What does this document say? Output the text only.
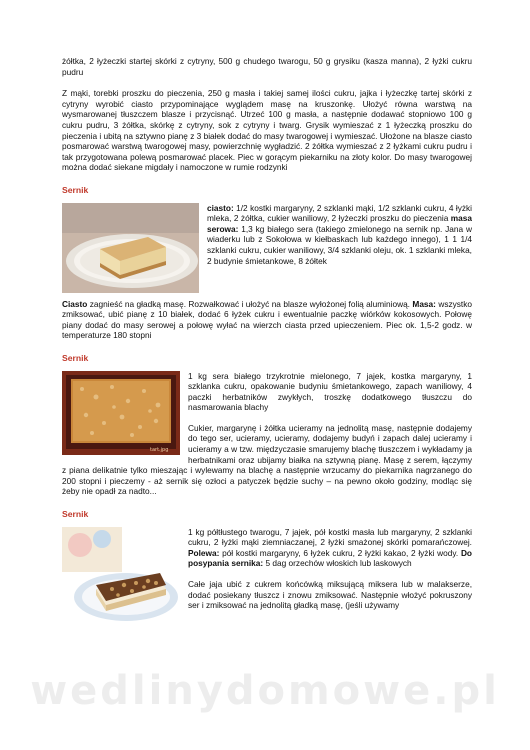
żółtka, 2 łyżeczki startej skórki z cytryny, 500 g chudego twarogu, 50 g grysiku (kasza manna), 2 łyżki cukru pudru

Z mąki, torebki proszku do pieczenia, 250 g masła i takiej samej ilości cukru, jajka i łyżeczkę tartej skórki z cytryny wyrobić ciasto przypominające wyglądem masę na kruszonkę. Ułożyć równa warstwą na wysmarowanej tłuszczem blasze i przycisnąć. Utrzeć 100 g masła, a następnie dodawać stopniowo 100 g cukru pudru, 3 żółtka, skórkę z cytryny, sok z cytryny i twarg. Grysik wymieszać z 1 łyżeczką proszku do pieczenia i ubitą na sztywno pianę z 3 białek dodać do masy twarogowej i wymieszać. Ułożone na blasze ciasto posmarować warstwą twarogowej masy, powierzchnię wygładzić. 2 żółtka wymieszać z 2 łyżkami cukru pudru i tak przygotowana polewą posmarować placek. Piec w gorącym piekarniku na złoty kolor. Do masy twarogowej można dodać siekane migdały i namoczone w rumie rodzynki

Sernik

ciasto: 1/2 kostki margaryny, 2 szklanki mąki, 1/2 szklanki cukru, 4 łyżki mleka, 2 żółtka, cukier waniliowy, 2 łyżeczki proszku do pieczenia masa serowa: 1,3 kg białego sera (takiego zmielonego na sernik np. Jana w wiaderku lub z Sokołowa w kiełbaskach lub każdego innego), 1 1 1/4 szklanki cukru, cukier waniliowy, 3/4 szklanki oleju, ok. 1 szklanki mleka, 2 budynie śmietankowe, 8 żółtek

Ciasto zagnieść na gładką masę. Rozwałkować i ułożyć na blasze wyłożonej folią aluminiową. Masa: wszystko zmiksować, ubić pianę z 10 białek, dodać 6 łyżek cukru i ewentualnie paczkę wiórków kokosowych. Połowę piany dodać do masy serowej a połowę wyłać na wierzch ciasta przed upieczeniem. Piec ok. 1,5-2 godz. w temperaturze 180 stopni

Sernik
tart.jpg

1 kg sera białego trzykrotnie mielonego, 7 jajek, kostka margaryny, 1 szklanka cukru, opakowanie budyniu śmietankowego, zapach waniliowy, 4 paczki herbatników zwykłych, troszkę dodatkowego tłuszczu do nasmarowania blachy

Cukier, margarynę i żółtka ucieramy na jednolitą masę, następnie dodajemy do tego ser, ucieramy, ucieramy, dodajemy budyń i zapach dalej ucieramy i ucieramy a w tzw. międzyczasie smarujemy blachę tłuszczem i wykładamy ja herbatnikami oraz ubijamy białka na sztywną pianę. Masę z serem, łączymy z piana delikatnie tylko mieszając i wylewamy na blachę a następnie wrzucamy do piekarnika nagrzanego do 200 stopni i pieczemy - aż sernik się ozłoci a patyczek będzie suchy – na pewno około godziny, modląc się żeby nie opadł za nadto...

Sernik

1 kg półtłustego twarogu, 7 jajek, pół kostki masła lub margaryny, 2 szklanki cukru, 2 łyżki mąki ziemniaczanej, 2 łyżki smażonej skórki pomarańczowej. Polewa: pół kostki margaryny, 6 łyżek cukru, 2 łyżki kakao, 2 łyżki wody. Do posypania sernika: 5 dag orzechów włoskich lub laskowych

Całe jaja ubić z cukrem końcówką miksującą miksera lub w malakserze, dodać posiekany tłuszcz i znowu zmiksować. Następnie włożyć pokruszony ser i zmiksować na jednolitą gładką masę, (jeśli używamy

wedlinydomowe.pl
